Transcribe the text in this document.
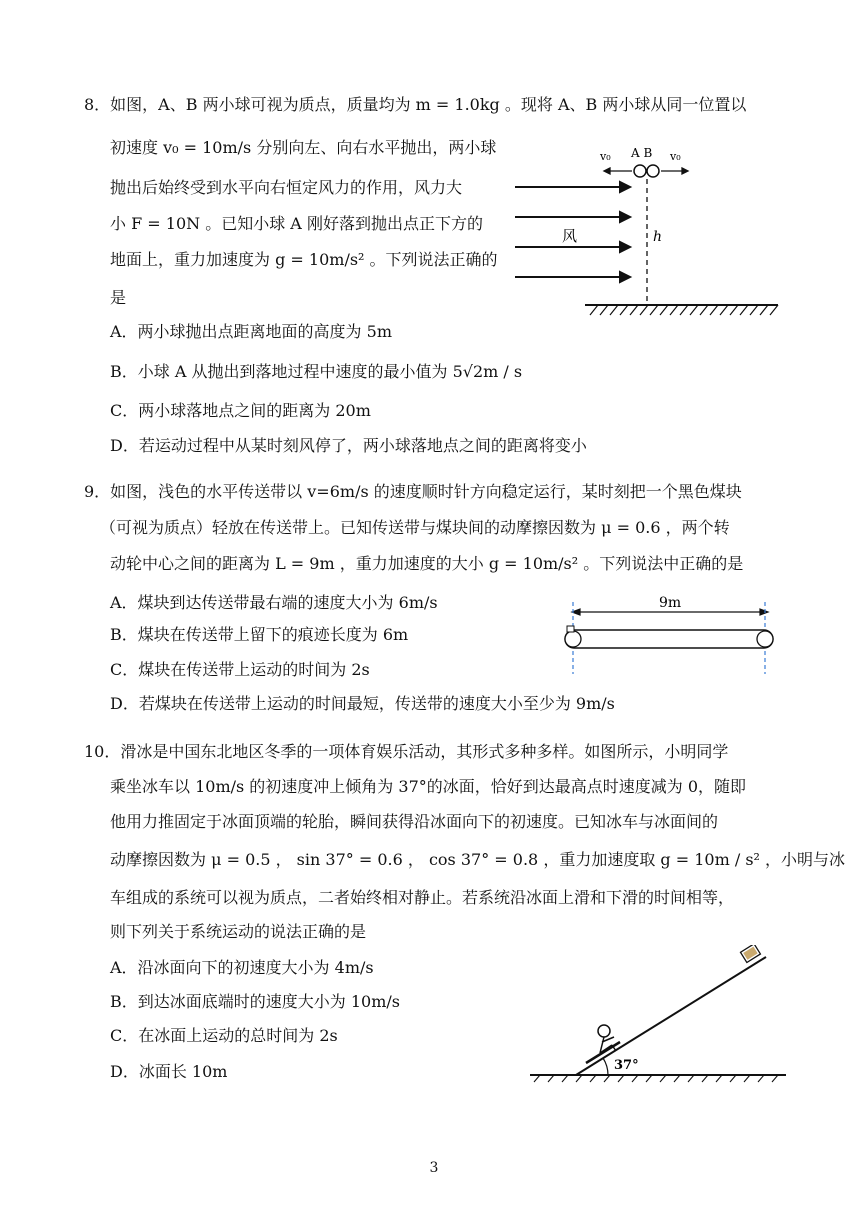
8．如图，A、B 两小球可视为质点，质量均为 m = 1.0kg 。现将 A、B 两小球从同一位置以
初速度 v₀ = 10m/s 分别向左、向右水平抛出，两小球
抛出后始终受到水平向右恒定风力的作用，风力大
小 F = 10N 。已知小球 A 刚好落到抛出点正下方的
地面上，重力加速度为 g = 10m/s² 。下列说法正确的
是
A．两小球抛出点距离地面的高度为 5m
B．小球 A 从抛出到落地过程中速度的最小值为 5√2m / s
C．两小球落地点之间的距离为 20m
D．若运动过程中从某时刻风停了，两小球落地点之间的距离将变小
风
A B
v₀	v₀
h
9．如图，浅色的水平传送带以 v=6m/s 的速度顺时针方向稳定运行，某时刻把一个黑色煤块
（可视为质点）轻放在传送带上。已知传送带与煤块间的动摩擦因数为 μ = 0.6 ，两个转
动轮中心之间的距离为 L = 9m ，重力加速度的大小 g = 10m/s² 。下列说法中正确的是
A．煤块到达传送带最右端的速度大小为 6m/s
B．煤块在传送带上留下的痕迹长度为 6m
C．煤块在传送带上运动的时间为 2s
D．若煤块在传送带上运动的时间最短，传送带的速度大小至少为 9m/s
9m
10．滑冰是中国东北地区冬季的一项体育娱乐活动，其形式多种多样。如图所示，小明同学
乘坐冰车以 10m/s 的初速度冲上倾角为 37°的冰面，恰好到达最高点时速度减为 0，随即
他用力推固定于冰面顶端的轮胎，瞬间获得沿冰面向下的初速度。已知冰车与冰面间的
动摩擦因数为 μ = 0.5 ， sin 37° = 0.6 ， cos 37° = 0.8 ，重力加速度取 g = 10m / s² ，小明与冰
车组成的系统可以视为质点，二者始终相对静止。若系统沿冰面上滑和下滑的时间相等，
则下列关于系统运动的说法正确的是
A．沿冰面向下的初速度大小为 4m/s
B．到达冰面底端时的速度大小为 10m/s
C．在冰面上运动的总时间为 2s
D．冰面长 10m	37°
3
